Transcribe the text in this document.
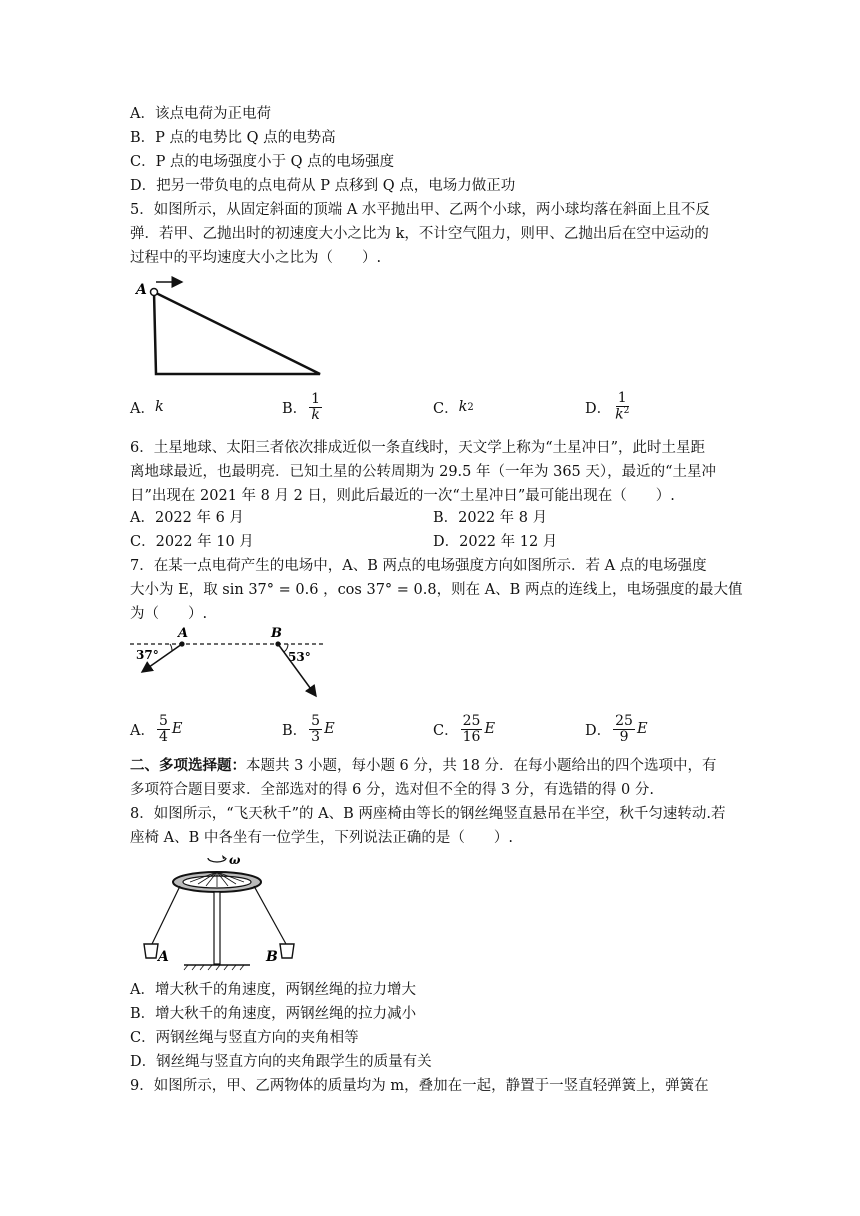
A．该点电荷为正电荷
B．P 点的电势比 Q 点的电势高
C．P 点的电场强度小于 Q 点的电场强度
D．把另一带负电的点电荷从 P 点移到 Q 点，电场力做正功
5．如图所示，从固定斜面的顶端 A 水平抛出甲、乙两个小球，两小球均落在斜面上且不反
弹．若甲、乙抛出时的初速度大小之比为 k，不计空气阻力，则甲、乙抛出后在空中运动的
过程中的平均速度大小之比为（　　）.
A
A． k	B． $\frac{1}{k}$	C． k 2	D． $\frac{1}{k^2}$
6．土星地球、太阳三者依次排成近似一条直线时，天文学上称为“土星冲日”，此时土星距
离地球最近，也最明亮．已知土星的公转周期为 29.5 年（一年为 365 天），最近的“土星冲
日”出现在 2021 年 8 月 2 日，则此后最近的一次“土星冲日”最可能出现在（　　）.
A．2022 年 6 月	B．2022 年 8 月
C．2022 年 10 月	D．2022 年 12 月
7．在某一点电荷产生的电场中，A、B 两点的电场强度方向如图所示．若 A 点的电场强度
大小为 E，取 sin 37° = 0.6 ，cos 37° = 0.8，则在 A、B 两点的连线上，电场强度的最大值
为（　　）.
A	B
37°	53°
A． $\frac{5}{4}$ E	B． $\frac{5}{3}$ E	C． $\frac{25}{16}$ E	D． $\frac{25}{9}$ E
二、多项选择题：本题共 3 小题，每小题 6 分，共 18 分．在每小题给出的四个选项中，有
多项符合题目要求．全部选对的得 6 分，选对但不全的得 3 分，有选错的得 0 分.
8．如图所示，“飞天秋千”的 A、B 两座椅由等长的钢丝绳竖直悬吊在半空，秋千匀速转动.若
座椅 A、B 中各坐有一位学生，下列说法正确的是（　　）.
ω
A	B
A．增大秋千的角速度，两钢丝绳的拉力增大
B．增大秋千的角速度，两钢丝绳的拉力减小
C．两钢丝绳与竖直方向的夹角相等
D．钢丝绳与竖直方向的夹角跟学生的质量有关
9．如图所示，甲、乙两物体的质量均为 m，叠加在一起，静置于一竖直轻弹簧上，弹簧在
